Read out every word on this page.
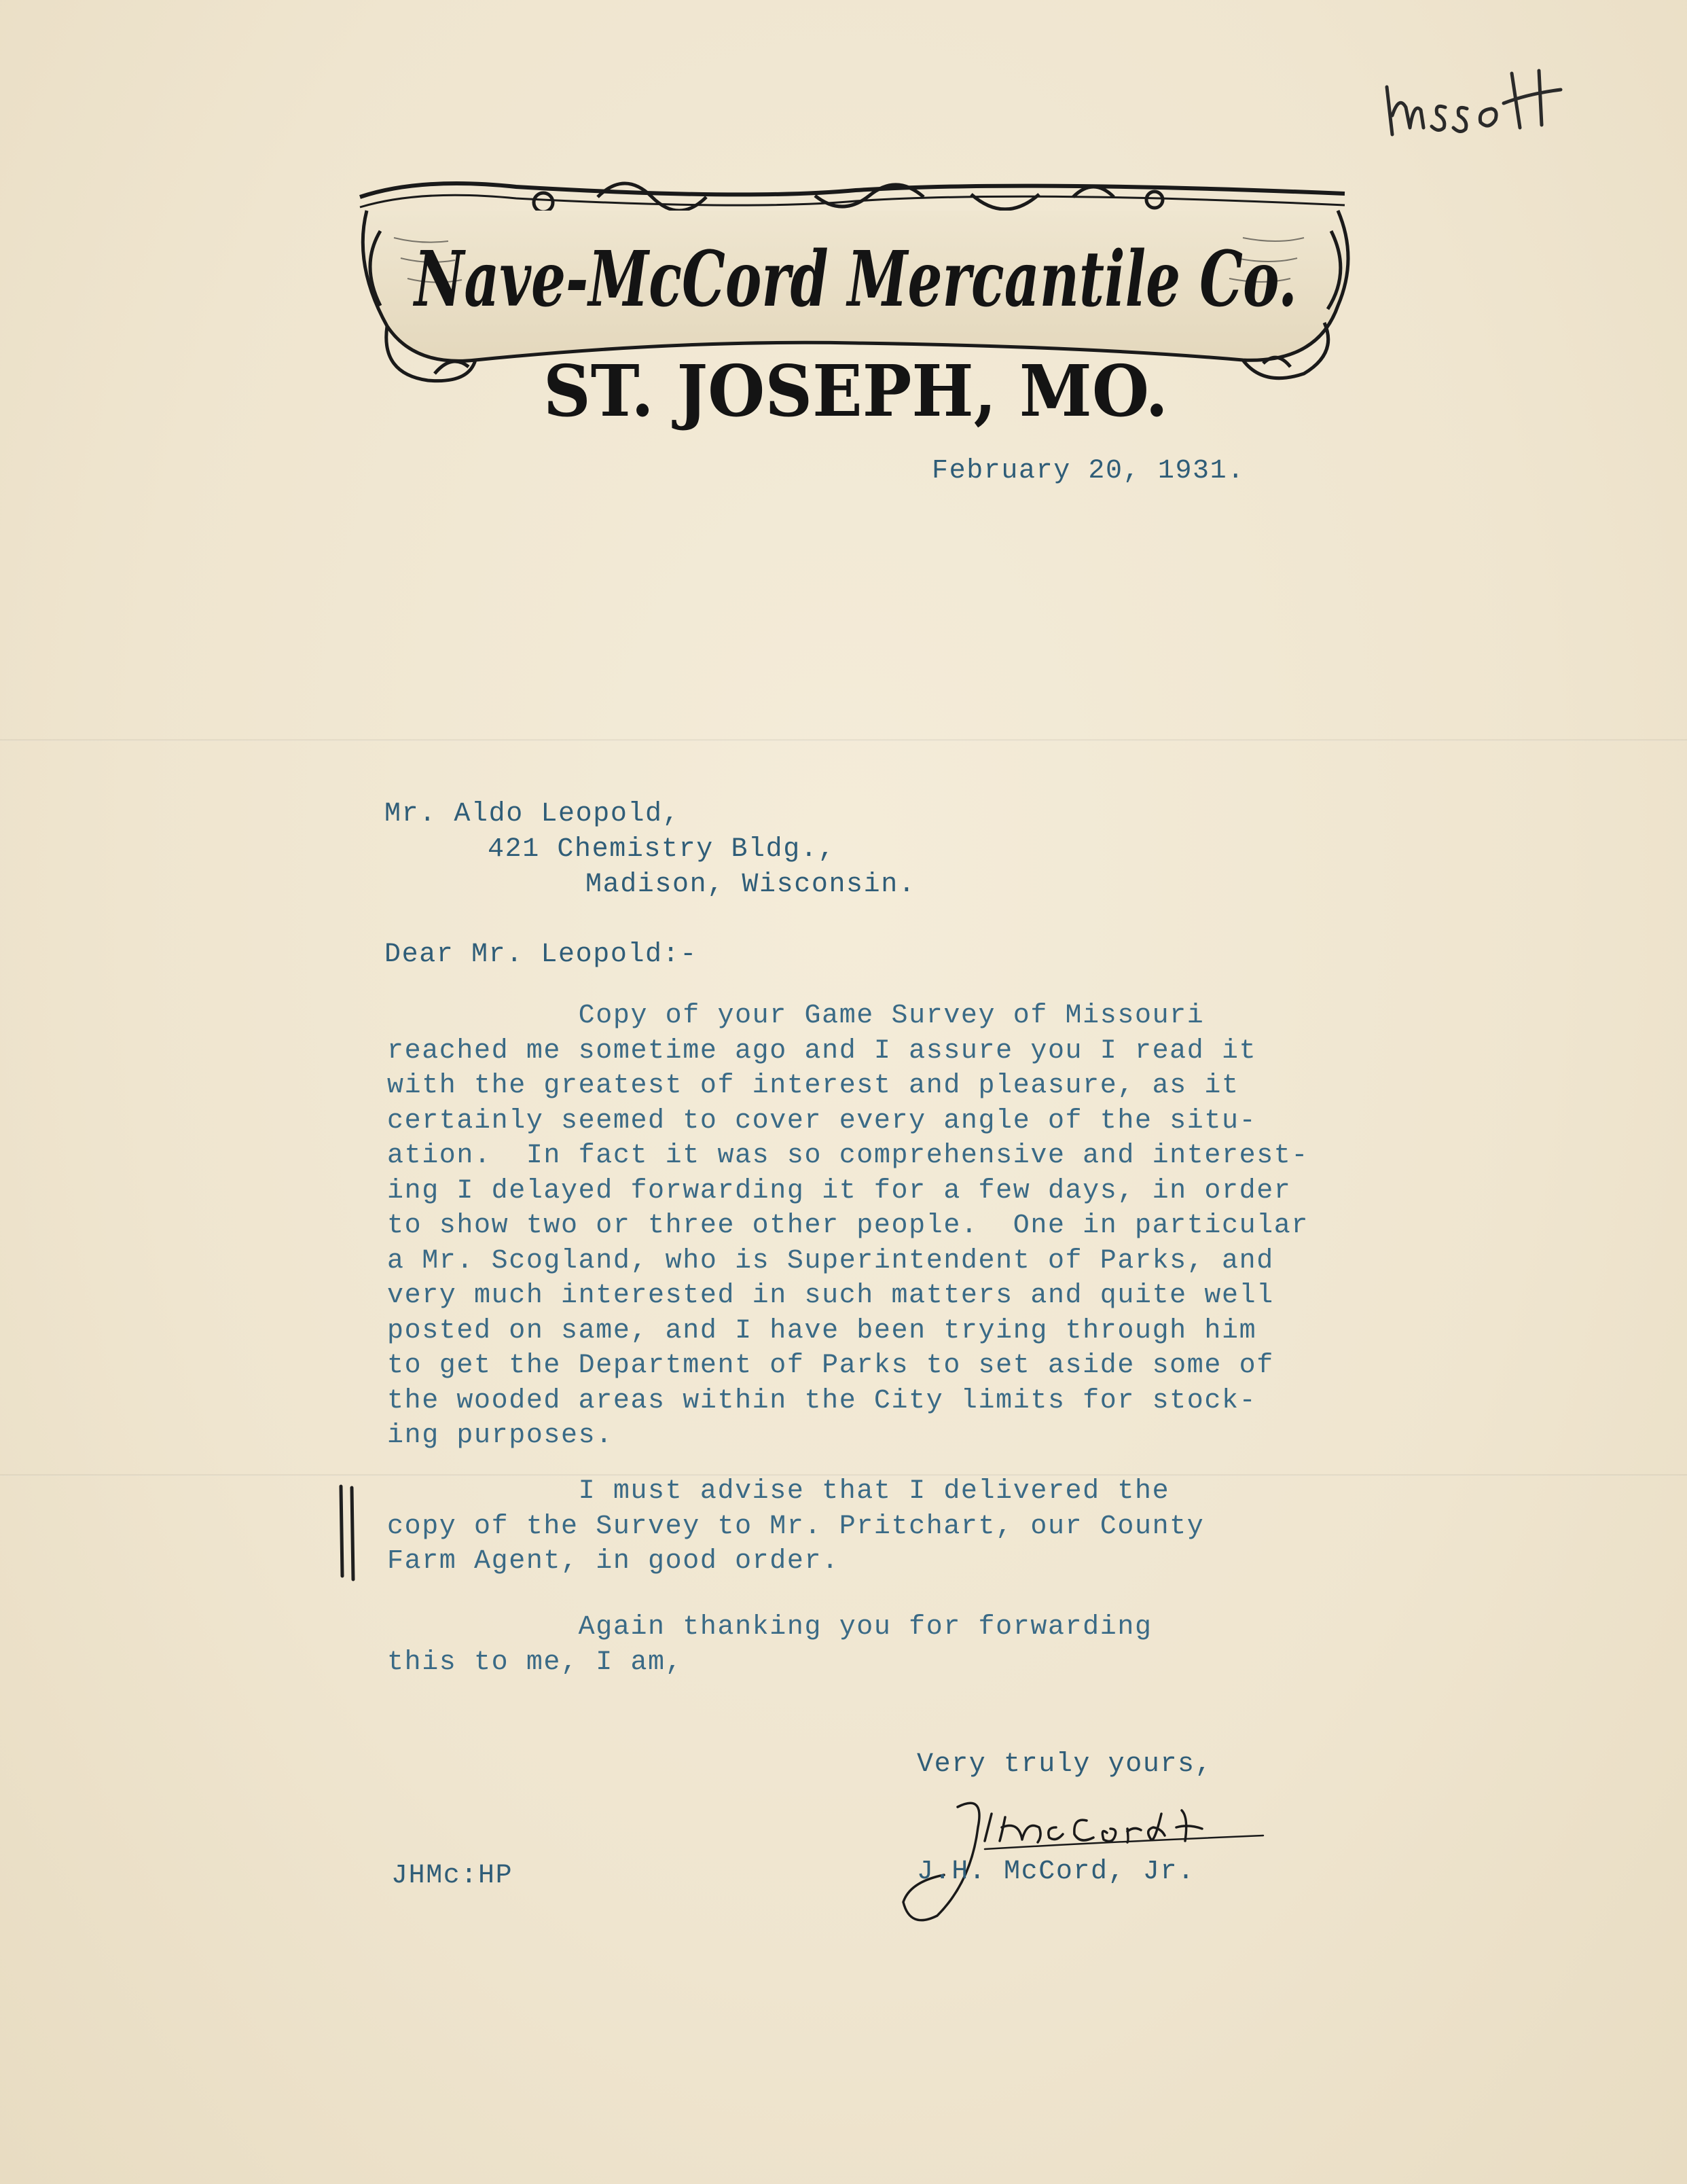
Nave-McCord Mercantile Co.
ST. JOSEPH, MO.
February 20, 1931.
Mr. Aldo Leopold,
421 Chemistry Bldg.,
Madison, Wisconsin.
Dear Mr. Leopold:-
Copy of your Game Survey of Missouri
reached me sometime ago and I assure you I read it
with the greatest of interest and pleasure, as it
certainly seemed to cover every angle of the situ-
ation.  In fact it was so comprehensive and interest-
ing I delayed forwarding it for a few days, in order
to show two or three other people.  One in particular
a Mr. Scogland, who is Superintendent of Parks, and
very much interested in such matters and quite well
posted on same, and I have been trying through him
to get the Department of Parks to set aside some of
the wooded areas within the City limits for stock-
ing purposes.
I must advise that I delivered the
copy of the Survey to Mr. Pritchart, our County
Farm Agent, in good order.
Again thanking you for forwarding
this to me, I am,
Very truly yours,
J.H. McCord, Jr.
JHMc:HP
